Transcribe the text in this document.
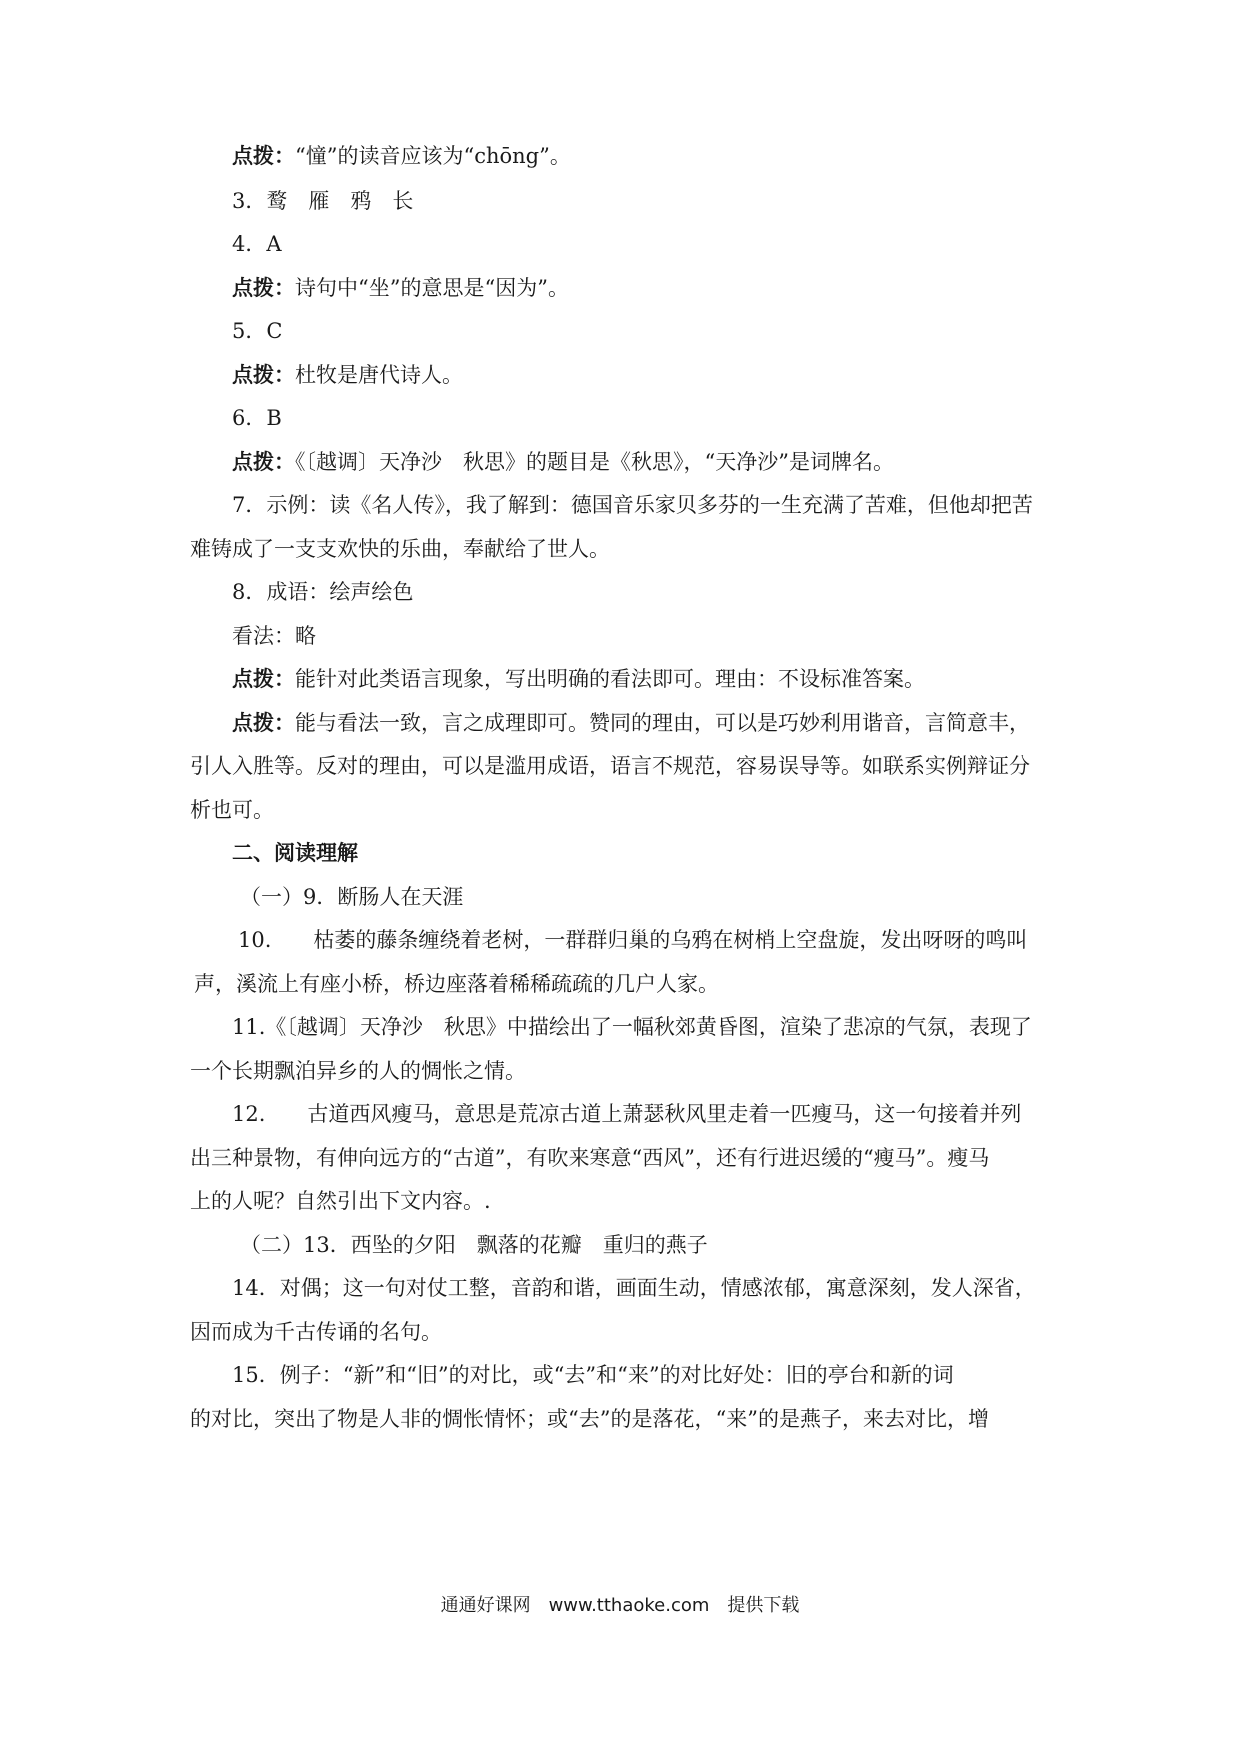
点拨：“憧”的读音应该为“chōng”。
3．鹜　雁　鸦　长
4．A
点拨：诗句中“坐”的意思是“因为”。
5．C
点拨：杜牧是唐代诗人。
6．B
点拨：《〔越调〕天净沙　秋思》的题目是《秋思》，“天净沙”是词牌名。
7．示例：读《名人传》，我了解到：德国音乐家贝多芬的一生充满了苦难，但他却把苦
难铸成了一支支欢快的乐曲，奉献给了世人。
8．成语：绘声绘色
看法：略
点拨：能针对此类语言现象，写出明确的看法即可。理由：不设标准答案。
点拨：能与看法一致，言之成理即可。赞同的理由，可以是巧妙利用谐音，言简意丰，
引人入胜等。反对的理由，可以是滥用成语，语言不规范，容易误导等。如联系实例辩证分
析也可。
二、阅读理解
（一）9．断肠人在天涯
10.　　枯萎的藤条缠绕着老树，一群群归巢的乌鸦在树梢上空盘旋，发出呀呀的鸣叫
声，溪流上有座小桥，桥边座落着稀稀疏疏的几户人家。
11.《〔越调〕天净沙　秋思》中描绘出了一幅秋郊黄昏图，渲染了悲凉的气氛，表现了
一个长期飘泊异乡的人的惆怅之情。
12.　　古道西风瘦马，意思是荒凉古道上萧瑟秋风里走着一匹瘦马，这一句接着并列
出三种景物，有伸向远方的“古道”，有吹来寒意“西风”，还有行进迟缓的“瘦马”。瘦马
上的人呢？自然引出下文内容。.
（二）13．西坠的夕阳　飘落的花瓣　重归的燕子
14．对偶；这一句对仗工整，音韵和谐，画面生动，情感浓郁，寓意深刻，发人深省，
因而成为千古传诵的名句。
15．例子：“新”和“旧”的对比，或“去”和“来”的对比好处：旧的亭台和新的词
的对比，突出了物是人非的惆怅情怀；或“去”的是落花，“来”的是燕子，来去对比，增
通通好课网　www.tthaoke.com　提供下载
